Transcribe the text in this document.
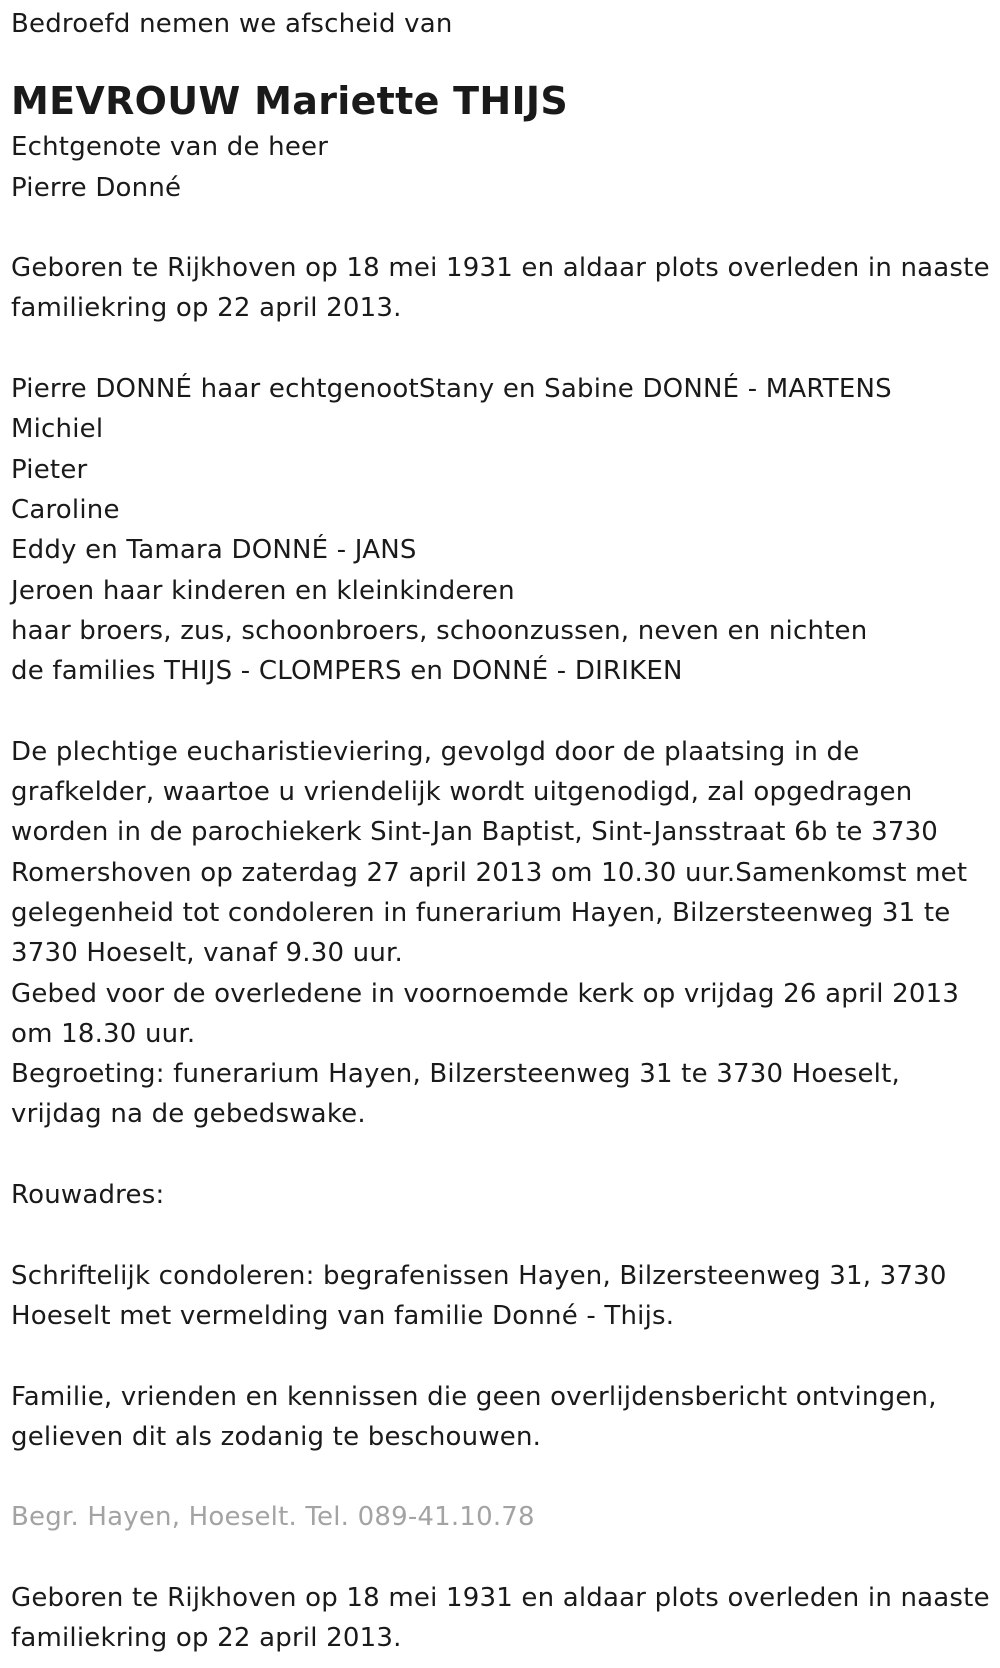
Bedroefd nemen we afscheid van

MEVROUW Mariette THIJS

Echtgenote van de heer

Pierre Donné

Geboren te Rijkhoven op 18 mei 1931 en aldaar plots overleden in naaste

familiekring op 22 april 2013.

Pierre DONNÉ haar echtgenootStany en Sabine DONNÉ - MARTENS

Michiel

Pieter

Caroline

Eddy en Tamara DONNÉ - JANS

Jeroen haar kinderen en kleinkinderen

haar broers, zus, schoonbroers, schoonzussen, neven en nichten

de families THIJS - CLOMPERS en DONNÉ - DIRIKEN

De plechtige eucharistieviering, gevolgd door de plaatsing in de

grafkelder, waartoe u vriendelijk wordt uitgenodigd, zal opgedragen

worden in de parochiekerk Sint-Jan Baptist, Sint-Jansstraat 6b te 3730

Romershoven op zaterdag 27 april 2013 om 10.30 uur.Samenkomst met

gelegenheid tot condoleren in funerarium Hayen, Bilzersteenweg 31 te

3730 Hoeselt, vanaf 9.30 uur.

Gebed voor de overledene in voornoemde kerk op vrijdag 26 april 2013

om 18.30 uur.

Begroeting: funerarium Hayen, Bilzersteenweg 31 te 3730 Hoeselt,

vrijdag na de gebedswake.

Rouwadres:

Schriftelijk condoleren: begrafenissen Hayen, Bilzersteenweg 31, 3730

Hoeselt met vermelding van familie Donné - Thijs.

Familie, vrienden en kennissen die geen overlijdensbericht ontvingen,

gelieven dit als zodanig te beschouwen.

Begr. Hayen, Hoeselt. Tel. 089-41.10.78

Geboren te Rijkhoven op 18 mei 1931 en aldaar plots overleden in naaste

familiekring op 22 april 2013.
